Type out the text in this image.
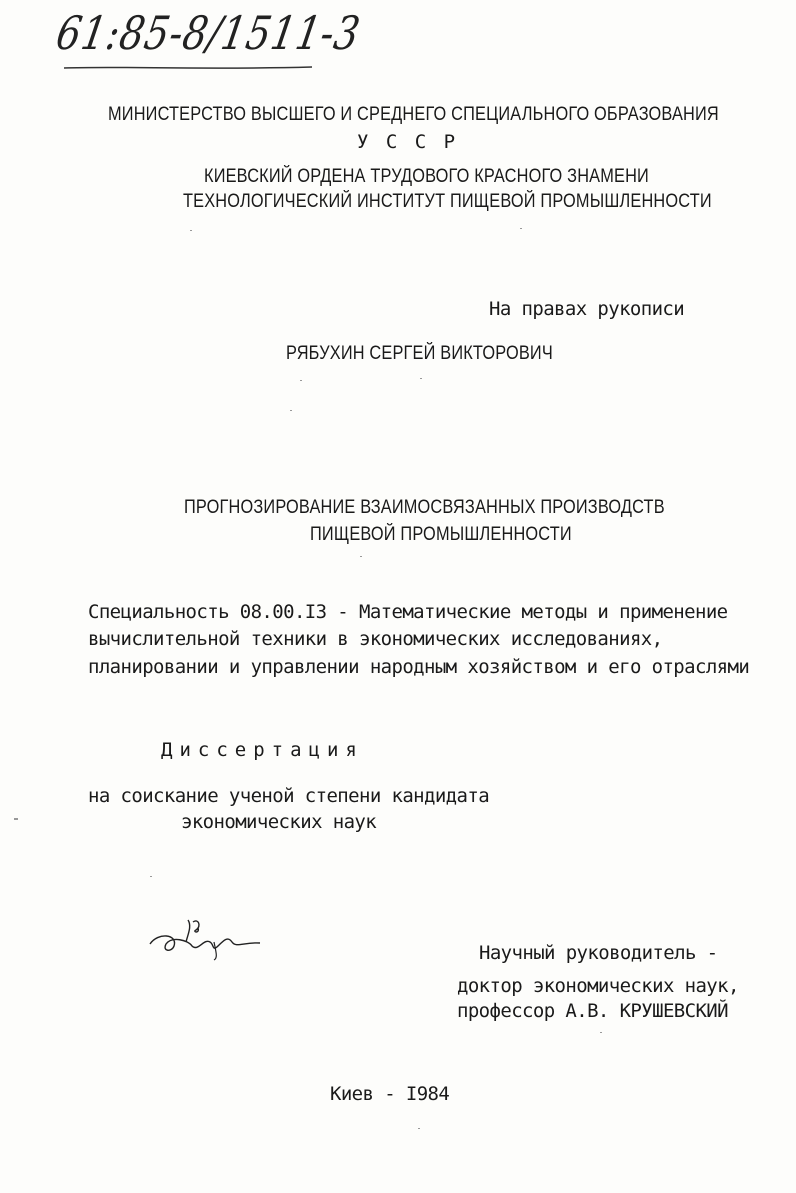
61:85-8/1511-3
МИНИСТЕРСТВО ВЫСШЕГО И СРЕДНЕГО СПЕЦИАЛЬНОГО ОБРАЗОВАНИЯ
У С С Р
КИЕВСКИЙ ОРДЕНА ТРУДОВОГО КРАСНОГО ЗНАМЕНИ
ТЕХНОЛОГИЧЕСКИЙ ИНСТИТУТ ПИЩЕВОЙ ПРОМЫШЛЕННОСТИ
На правах рукописи
РЯБУХИН СЕРГЕЙ ВИКТОРОВИЧ
ПРОГНОЗИРОВАНИЕ ВЗАИМОСВЯЗАННЫХ ПРОИЗВОДСТВ
ПИЩЕВОЙ ПРОМЫШЛЕННОСТИ
Специальность 08.00.I3 - Математические методы и применение
вычислительной техники в экономических исследованиях,
планировании и управлении народным хозяйством и его отраслями
Диссертация
на соискание ученой степени кандидата
экономических наук
Научный руководитель -
доктор экономических наук,
профессор А.В. КРУШЕВСКИЙ
Киев - I984
